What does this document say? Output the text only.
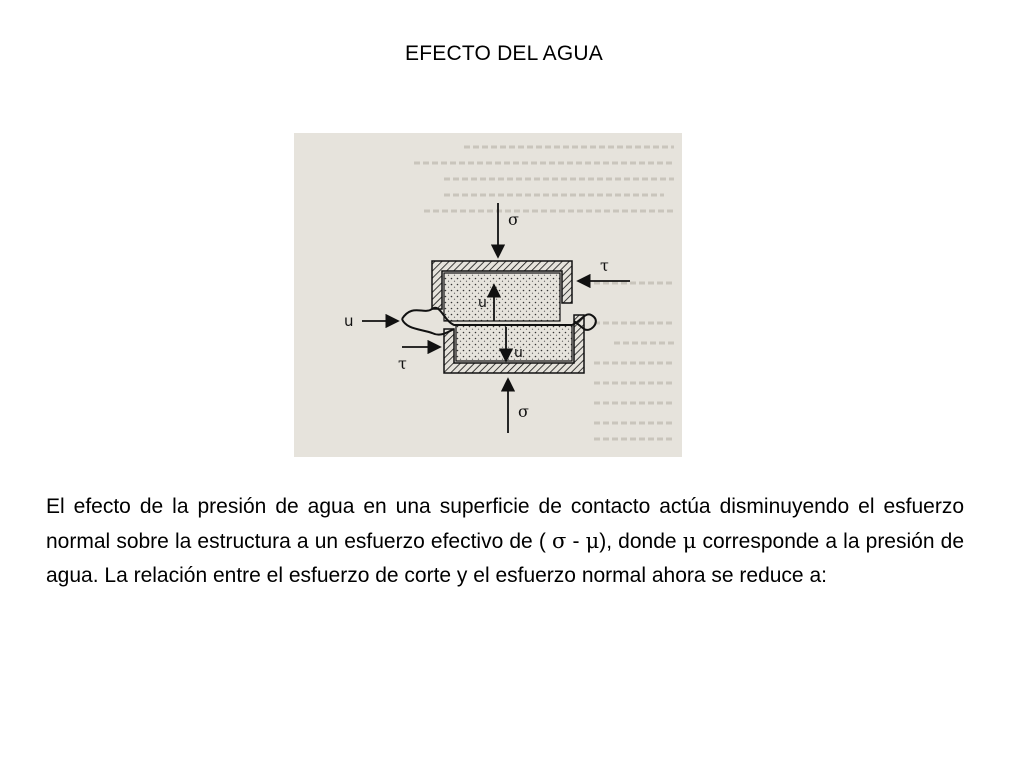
EFECTO DEL AGUA
σ
σ
τ
τ
u
u
u
El efecto de la presión de agua en una superficie de contacto actúa disminuyendo el esfuerzo normal sobre la estructura a un esfuerzo efectivo de ( σ - μ), donde μ corresponde a la presión de agua. La relación entre el esfuerzo de corte y el esfuerzo normal ahora se reduce a:
